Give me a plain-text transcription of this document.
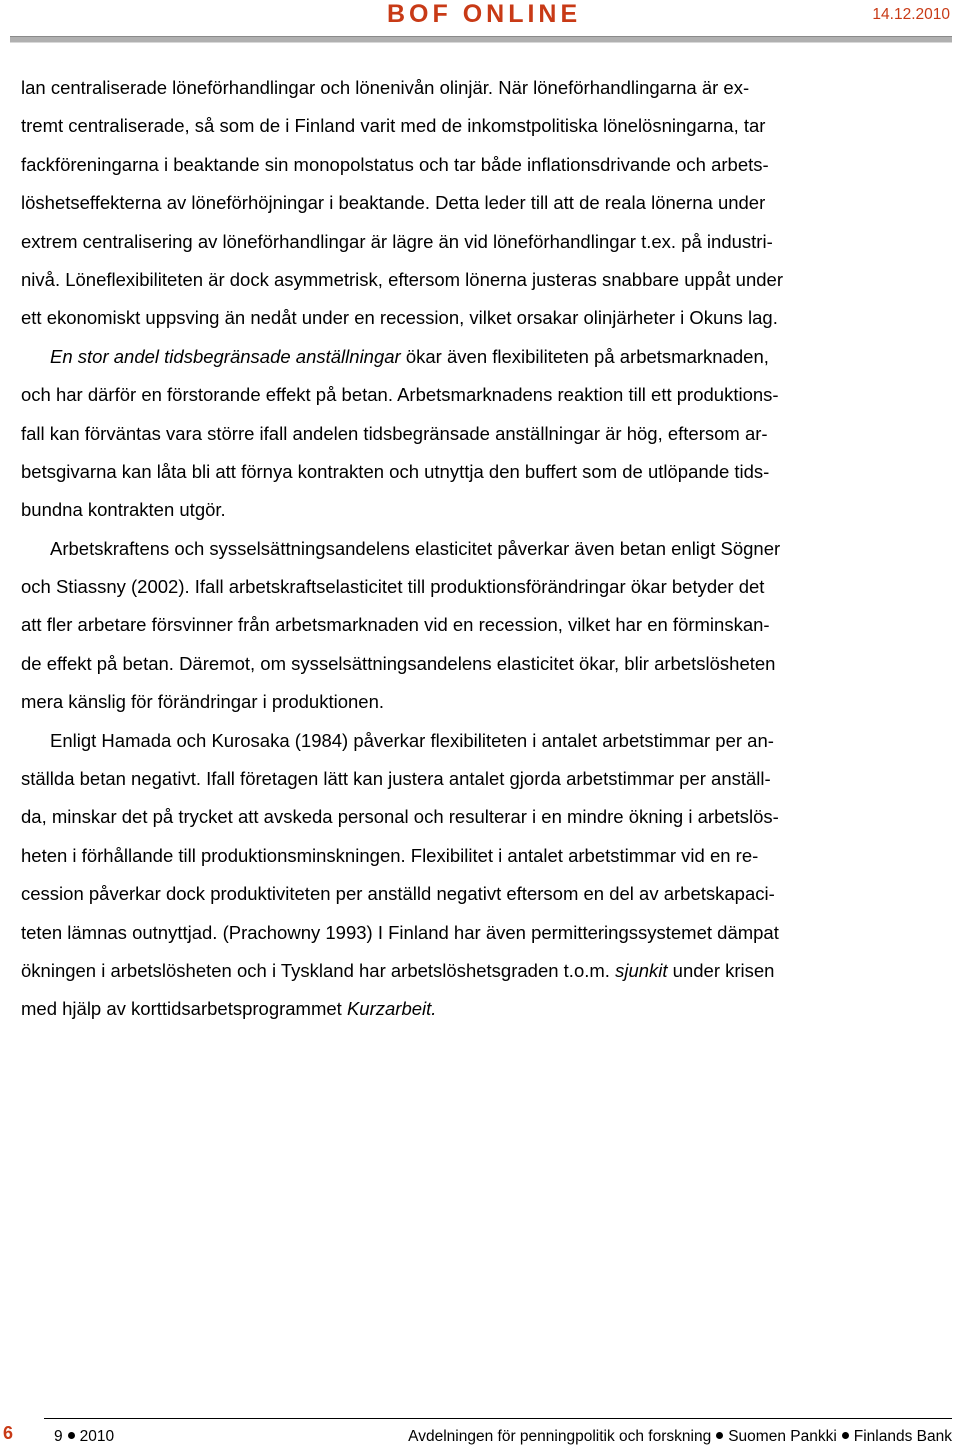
BOF ONLINE	14.12.2010
lan centraliserade löneförhandlingar och lönenivån olinjär. När löneförhandlingarna är ex-
tremt centraliserade, så som de i Finland varit med de inkomstpolitiska lönelösningarna, tar
fackföreningarna i beaktande sin monopolstatus och tar både inflationsdrivande och arbets-
löshetseffekterna av löneförhöjningar i beaktande. Detta leder till att de reala lönerna under
extrem centralisering av löneförhandlingar är lägre än vid löneförhandlingar t.ex. på industri-
nivå. Löneflexibiliteten är dock asymmetrisk, eftersom lönerna justeras snabbare uppåt under
ett ekonomiskt uppsving än nedåt under en recession, vilket orsakar olinjärheter i Okuns lag.
En stor andel tidsbegränsade anställningar ökar även flexibiliteten på arbetsmarknaden,
och har därför en förstorande effekt på betan. Arbetsmarknadens reaktion till ett produktions-
fall kan förväntas vara större ifall andelen tidsbegränsade anställningar är hög, eftersom ar-
betsgivarna kan låta bli att förnya kontrakten och utnyttja den buffert som de utlöpande tids-
bundna kontrakten utgör.
Arbetskraftens och sysselsättningsandelens elasticitet påverkar även betan enligt Sögner
och Stiassny (2002). Ifall arbetskraftselasticitet till produktionsförändringar ökar betyder det
att fler arbetare försvinner från arbetsmarknaden vid en recession, vilket har en förminskan-
de effekt på betan. Däremot, om sysselsättningsandelens elasticitet ökar, blir arbetslösheten
mera känslig för förändringar i produktionen.
Enligt Hamada och Kurosaka (1984) påverkar flexibiliteten i antalet arbetstimmar per an-
ställda betan negativt. Ifall företagen lätt kan justera antalet gjorda arbetstimmar per anställ-
da, minskar det på trycket att avskeda personal och resulterar i en mindre ökning i arbetslös-
heten i förhållande till produktionsminskningen. Flexibilitet i antalet arbetstimmar vid en re-
cession påverkar dock produktiviteten per anställd negativt eftersom en del av arbetskapaci-
teten lämnas outnyttjad. (Prachowny 1993) I Finland har även permitteringssystemet dämpat
ökningen i arbetslösheten och i Tyskland har arbetslöshetsgraden t.o.m. sjunkit under krisen
med hjälp av korttidsarbetsprogrammet Kurzarbeit.
6	9 2010	Avdelningen för penningpolitik och forskning Suomen Pankki Finlands Bank
